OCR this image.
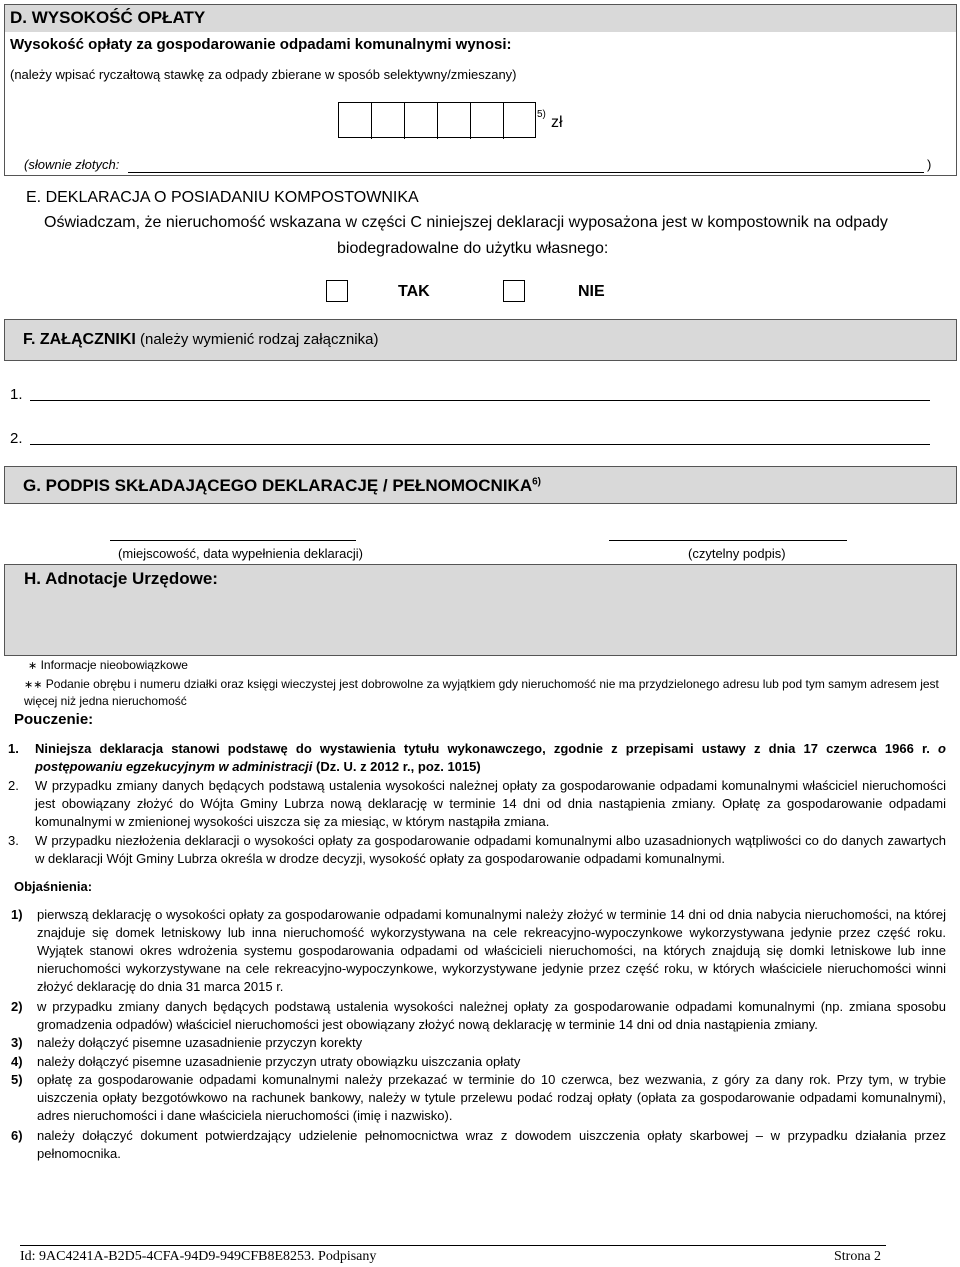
D. WYSOKOŚĆ OPŁATY
Wysokość opłaty za gospodarowanie odpadami komunalnymi wynosi:
(należy wpisać ryczałtową stawkę za odpady zbierane w sposób selektywny/zmieszany)
5) zł
(słownie złotych:	)
E. DEKLARACJA O POSIADANIU KOMPOSTOWNIKA
Oświadczam, że nieruchomość wskazana w części C niniejszej deklaracji wyposażona jest w kompostownik na odpady
biodegradowalne do użytku własnego:
TAK	NIE
F. ZAŁĄCZNIKI (należy wymienić rodzaj załącznika)
1.
2.
G. PODPIS SKŁADAJĄCEGO DEKLARACJĘ / PEŁNOMOCNIKA$^{6)}$
(miejscowość, data wypełnienia deklaracji)	(czytelny podpis)
H. Adnotacje Urzędowe:
∗ Informacje nieobowiązkowe
∗∗ Podanie obrębu i numeru działki oraz księgi wieczystej jest dobrowolne za wyjątkiem gdy nieruchomość nie ma przydzielonego adresu lub pod tym samym adresem jest więcej niż jedna nieruchomość
Pouczenie:
1. Niniejsza deklaracja stanowi podstawę do wystawienia tytułu wykonawczego, zgodnie z przepisami ustawy z dnia 17 czerwca 1966 r. o postępowaniu egzekucyjnym w administracji (Dz. U. z 2012 r., poz. 1015)
2. W przypadku zmiany danych będących podstawą ustalenia wysokości należnej opłaty za gospodarowanie odpadami komunalnymi właściciel nieruchomości jest obowiązany złożyć do Wójta Gminy Lubrza nową deklarację w terminie 14 dni od dnia nastąpienia zmiany. Opłatę za gospodarowanie odpadami komunalnymi w zmienionej wysokości uiszcza się za miesiąc, w którym nastąpiła zmiana.
3. W przypadku niezłożenia deklaracji o wysokości opłaty za gospodarowanie odpadami komunalnymi albo uzasadnionych wątpliwości co do danych zawartych w deklaracji Wójt Gminy Lubrza określa w drodze decyzji, wysokość opłaty za gospodarowanie odpadami komunalnymi.
Objaśnienia:
1) pierwszą deklarację o wysokości opłaty za gospodarowanie odpadami komunalnymi należy złożyć w terminie 14 dni od dnia nabycia nieruchomości, na której znajduje się domek letniskowy lub inna nieruchomość wykorzystywana na cele rekreacyjno-wypoczynkowe wykorzystywana jedynie przez część roku. Wyjątek stanowi okres wdrożenia systemu gospodarowania odpadami od właścicieli nieruchomości, na których znajdują się domki letniskowe lub inne nieruchomości wykorzystywane na cele rekreacyjno-wypoczynkowe, wykorzystywane jedynie przez część roku, w których właściciele nieruchomości winni złożyć deklarację do dnia 31 marca 2015 r.
2) w przypadku zmiany danych będących podstawą ustalenia wysokości należnej opłaty za gospodarowanie odpadami komunalnymi (np. zmiana sposobu gromadzenia odpadów) właściciel nieruchomości jest obowiązany złożyć nową deklarację w terminie 14 dni od dnia nastąpienia zmiany.
3) należy dołączyć pisemne uzasadnienie przyczyn korekty
4) należy dołączyć pisemne uzasadnienie przyczyn utraty obowiązku uiszczania opłaty
5) opłatę za gospodarowanie odpadami komunalnymi należy przekazać w terminie do 10 czerwca, bez wezwania, z góry za dany rok. Przy tym, w trybie uiszczenia opłaty bezgotówkowo na rachunek bankowy, należy w tytule przelewu podać rodzaj opłaty (opłata za gospodarowanie odpadami komunalnymi), adres nieruchomości i dane właściciela nieruchomości (imię i nazwisko).
6) należy dołączyć dokument potwierdzający udzielenie pełnomocnictwa wraz z dowodem uiszczenia opłaty skarbowej – w przypadku działania przez pełnomocnika.
Id: 9AC4241A-B2D5-4CFA-94D9-949CFB8E8253. Podpisany	Strona 2
